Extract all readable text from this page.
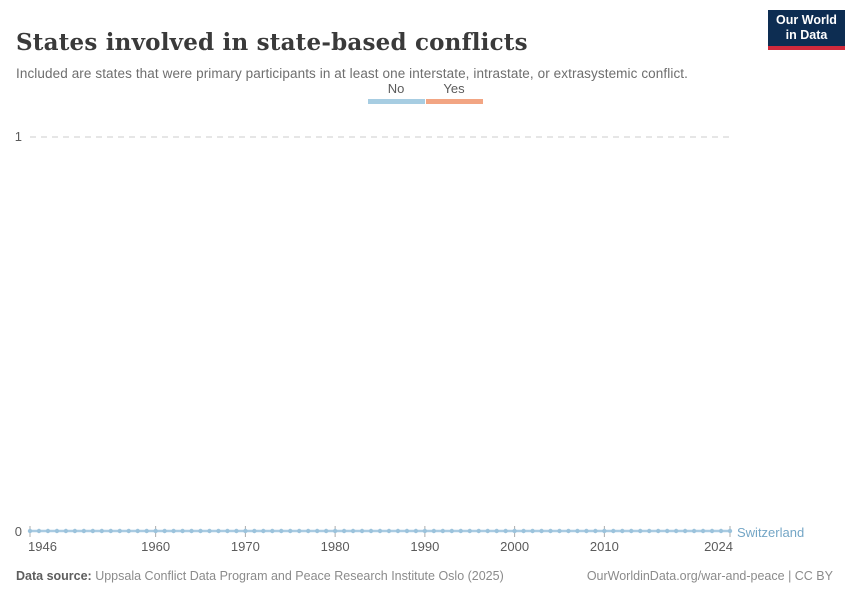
States involved in state-based conflicts

Included are states that were primary participants in at least one interstate, intrastate, or extrasystemic conflict.

Our World
in Data
No	Yes
1
0
1946	1960	1970	1980	1990	2000	2010	2024
Switzerland
Data source: Uppsala Conflict Data Program and Peace Research Institute Oslo (2025)	OurWorldinData.org/war-and-peace | CC BY
